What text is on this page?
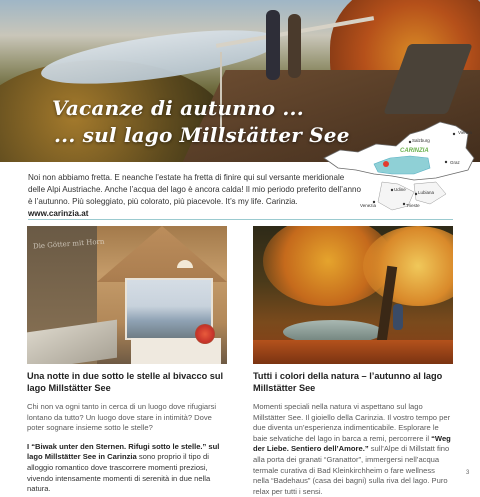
Vacanze di autunno ...
... sul lago Millstätter See
CARINZIA
Salzburg
Vienna
Graz
Udine
Lubiana
Venezia	Trieste
Noi non abbiamo fretta. E neanche l’estate ha fretta di finire qui sul versante meridionale delle Alpi Austriache. Anche l’acqua del lago è ancora calda! Il mio periodo preferito dell’anno è l’autunno. Più soleggiato, più colorato, più piacevole. It’s my life. Carinzia.
www.carinzia.at
Die Götter mit Horn
Una notte in due sotto le stelle al bivacco sul lago Millstätter See

Chi non va ogni tanto in cerca di un luogo dove rifugiarsi lontano da tutto? Un luogo dove stare in intimità? Dove poter sognare insieme sotto le stelle?

I “Biwak unter den Sternen. Rifugi sotto le stelle.” sul lago Millstätter See in Carinzia sono proprio il tipo di alloggio romantico dove trascorrere momenti preziosi, vivendo intensamente momenti di serenità in due nella natura.

Tutti i colori della natura – l’autunno al lago Millstätter See

Momenti speciali nella natura vi aspettano sul lago Millstätter See. Il gioiello della Carinzia. Il vostro tempo per due diventa un’esperienza indimenticabile. Esplorare le baie selvatiche del lago in barca a remi, percorrere il “Weg der Liebe. Sentiero dell’Amore.” sull’Alpe di Millstatt fino alla porta dei granati “Granattor”, immergersi nell’acqua termale curativa di Bad Kleinkirchheim o fare wellness nella “Badehaus” (casa dei bagni) sulla riva del lago. Puro relax per tutti i sensi.

3
